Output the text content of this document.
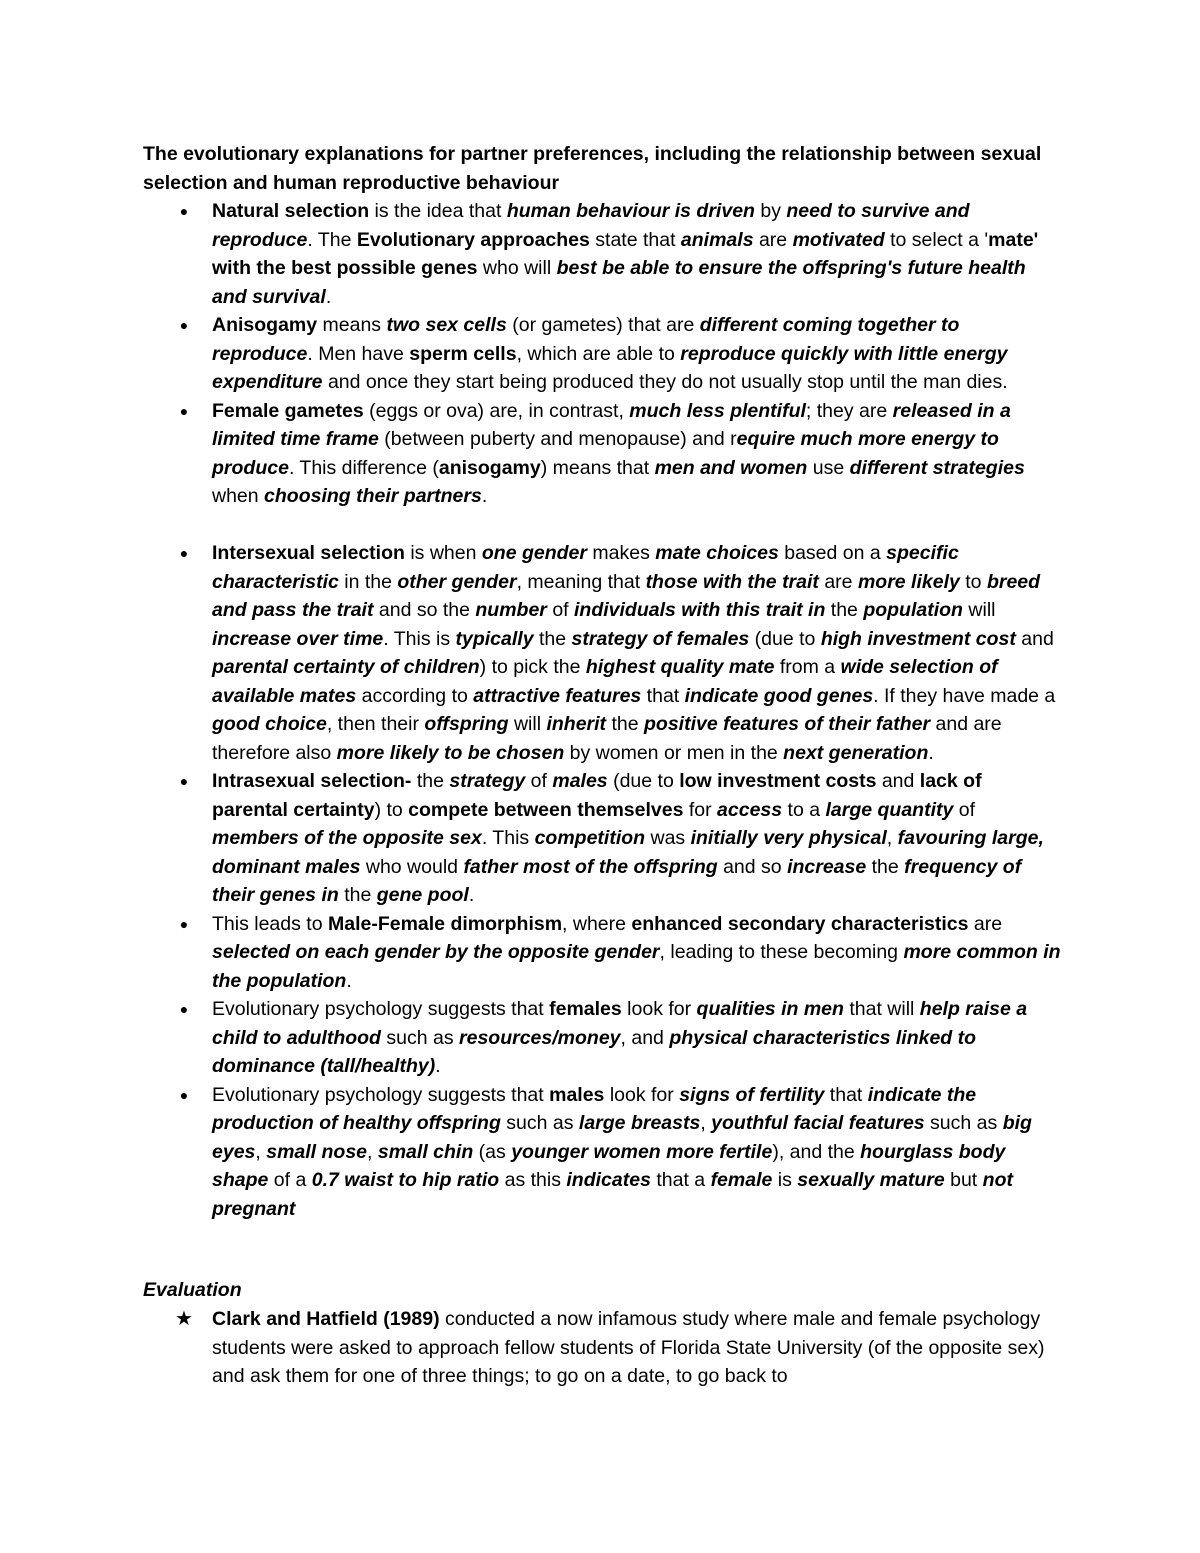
The evolutionary explanations for partner preferences, including the relationship between sexual selection and human reproductive behaviour

● Natural selection is the idea that human behaviour is driven by need to survive and reproduce. The Evolutionary approaches state that animals are motivated to select a 'mate' with the best possible genes who will best be able to ensure the offspring's future health and survival.
● Anisogamy means two sex cells (or gametes) that are different coming together to reproduce. Men have sperm cells, which are able to reproduce quickly with little energy expenditure and once they start being produced they do not usually stop until the man dies.
● Female gametes (eggs or ova) are, in contrast, much less plentiful; they are released in a limited time frame (between puberty and menopause) and require much more energy to produce. This difference (anisogamy) means that men and women use different strategies when choosing their partners.
● Intersexual selection is when one gender makes mate choices based on a specific characteristic in the other gender, meaning that those with the trait are more likely to breed and pass the trait and so the number of individuals with this trait in the population will increase over time. This is typically the strategy of females (due to high investment cost and parental certainty of children) to pick the highest quality mate from a wide selection of available mates according to attractive features that indicate good genes. If they have made a good choice, then their offspring will inherit the positive features of their father and are therefore also more likely to be chosen by women or men in the next generation.
● Intrasexual selection- the strategy of males (due to low investment costs and lack of parental certainty) to compete between themselves for access to a large quantity of members of the opposite sex. This competition was initially very physical, favouring large, dominant males who would father most of the offspring and so increase the frequency of their genes in the gene pool.
● This leads to Male-Female dimorphism, where enhanced secondary characteristics are selected on each gender by the opposite gender, leading to these becoming more common in the population.
● Evolutionary psychology suggests that females look for qualities in men that will help raise a child to adulthood such as resources/money, and physical characteristics linked to dominance (tall/healthy).
● Evolutionary psychology suggests that males look for signs of fertility that indicate the production of healthy offspring such as large breasts, youthful facial features such as big eyes, small nose, small chin (as younger women more fertile), and the hourglass body shape of a 0.7 waist to hip ratio as this indicates that a female is sexually mature but not pregnant

Evaluation

★ Clark and Hatfield (1989) conducted a now infamous study where male and female psychology students were asked to approach fellow students of Florida State University (of the opposite sex) and ask them for one of three things; to go on a date, to go back to
